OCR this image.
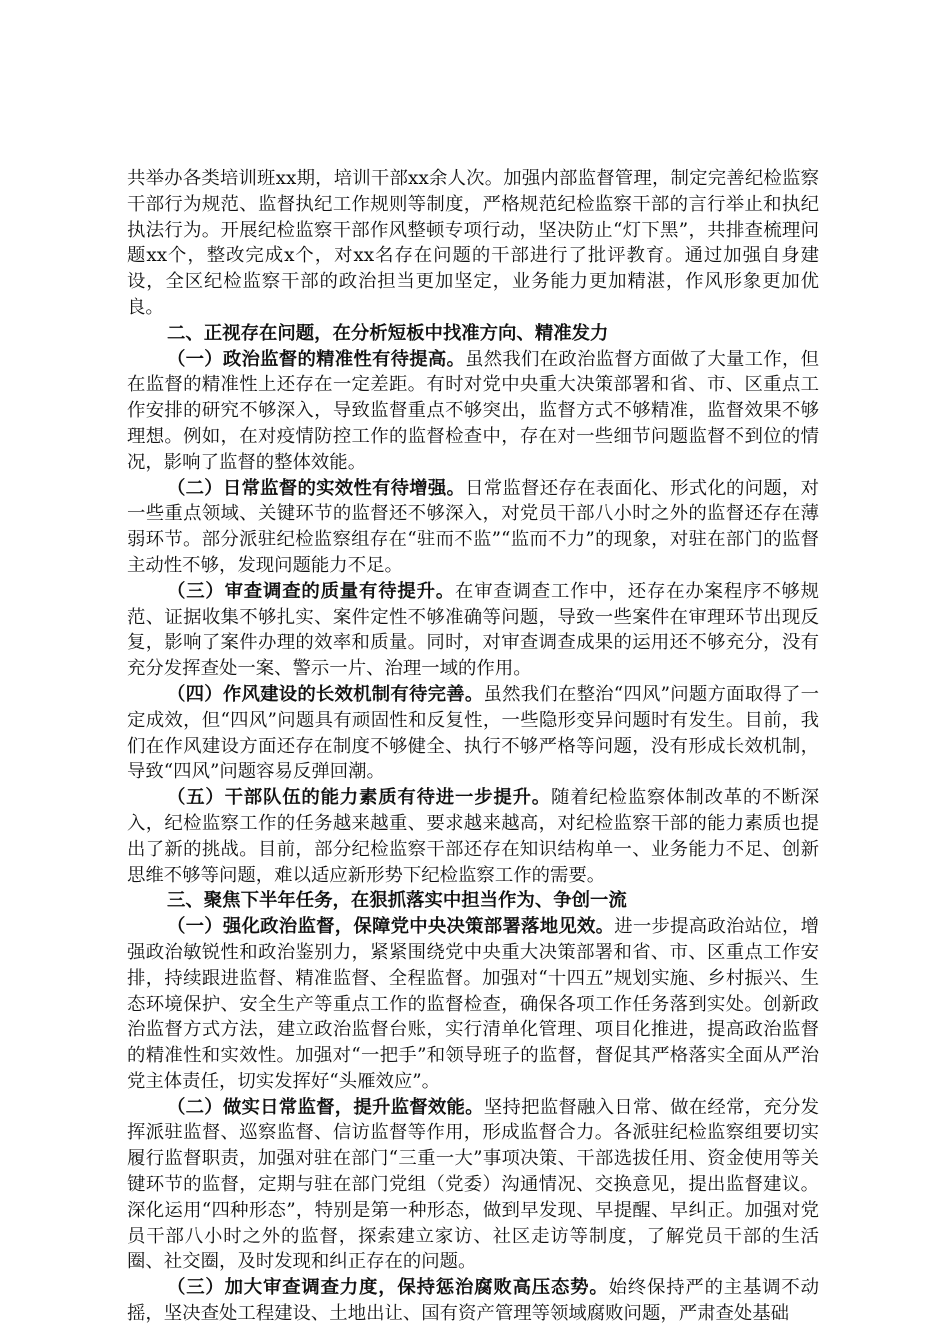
共举办各类培训班xx期，培训干部xx余人次。加强内部监督管理，制定完善纪检监察干部行为规范、监督执纪工作规则等制度，严格规范纪检监察干部的言行举止和执纪执法行为。开展纪检监察干部作风整顿专项行动，坚决防止“灯下黑”，共排查梳理问题xx个，整改完成x个，对xx名存在问题的干部进行了批评教育。通过加强自身建设，全区纪检监察干部的政治担当更加坚定，业务能力更加精湛，作风形象更加优良。

二、正视存在问题，在分析短板中找准方向、精准发力

（一）政治监督的精准性有待提高。虽然我们在政治监督方面做了大量工作，但在监督的精准性上还存在一定差距。有时对党中央重大决策部署和省、市、区重点工作安排的研究不够深入，导致监督重点不够突出，监督方式不够精准，监督效果不够理想。例如，在对疫情防控工作的监督检查中，存在对一些细节问题监督不到位的情况，影响了监督的整体效能。

（二）日常监督的实效性有待增强。日常监督还存在表面化、形式化的问题，对一些重点领域、关键环节的监督还不够深入，对党员干部八小时之外的监督还存在薄弱环节。部分派驻纪检监察组存在“驻而不监”“监而不力”的现象，对驻在部门的监督主动性不够，发现问题能力不足。

（三）审查调查的质量有待提升。在审查调查工作中，还存在办案程序不够规范、证据收集不够扎实、案件定性不够准确等问题，导致一些案件在审理环节出现反复，影响了案件办理的效率和质量。同时，对审查调查成果的运用还不够充分，没有充分发挥查处一案、警示一片、治理一域的作用。

（四）作风建设的长效机制有待完善。虽然我们在整治“四风”问题方面取得了一定成效，但“四风”问题具有顽固性和反复性，一些隐形变异问题时有发生。目前，我们在作风建设方面还存在制度不够健全、执行不够严格等问题，没有形成长效机制，导致“四风”问题容易反弹回潮。

（五）干部队伍的能力素质有待进一步提升。随着纪检监察体制改革的不断深入，纪检监察工作的任务越来越重、要求越来越高，对纪检监察干部的能力素质也提出了新的挑战。目前，部分纪检监察干部还存在知识结构单一、业务能力不足、创新思维不够等问题，难以适应新形势下纪检监察工作的需要。

三、聚焦下半年任务，在狠抓落实中担当作为、争创一流

（一）强化政治监督，保障党中央决策部署落地见效。进一步提高政治站位，增强政治敏锐性和政治鉴别力，紧紧围绕党中央重大决策部署和省、市、区重点工作安排，持续跟进监督、精准监督、全程监督。加强对“十四五”规划实施、乡村振兴、生态环境保护、安全生产等重点工作的监督检查，确保各项工作任务落到实处。创新政治监督方式方法，建立政治监督台账，实行清单化管理、项目化推进，提高政治监督的精准性和实效性。加强对“一把手”和领导班子的监督，督促其严格落实全面从严治党主体责任，切实发挥好“头雁效应”。

（二）做实日常监督，提升监督效能。坚持把监督融入日常、做在经常，充分发挥派驻监督、巡察监督、信访监督等作用，形成监督合力。各派驻纪检监察组要切实履行监督职责，加强对驻在部门“三重一大”事项决策、干部选拔任用、资金使用等关键环节的监督，定期与驻在部门党组（党委）沟通情况、交换意见，提出监督建议。深化运用“四种形态”，特别是第一种形态，做到早发现、早提醒、早纠正。加强对党员干部八小时之外的监督，探索建立家访、社区走访等制度，了解党员干部的生活圈、社交圈，及时发现和纠正存在的问题。

（三）加大审查调查力度，保持惩治腐败高压态势。始终保持严的主基调不动摇，坚决查处工程建设、土地出让、国有资产管理等领域腐败问题，严肃查处基础
